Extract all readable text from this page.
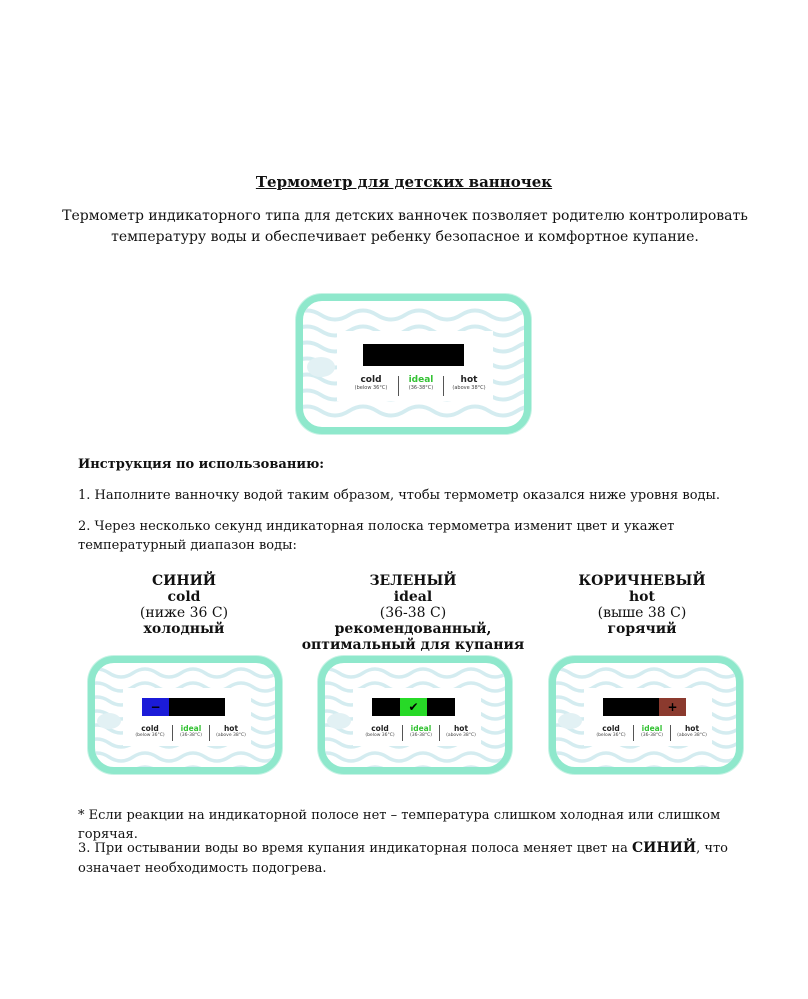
Термометр для детских ванночек
Термометр индикаторного типа для детских ванночек позволяет родителю контролировать температуру воды и обеспечивает ребенку безопасное и комфортное купание.
cold
(below 36°C)
ideal
(36-38°C)
hot
(above 38°C)
Инструкция по использованию:
1. Наполните ванночку водой таким образом, чтобы термометр оказался ниже уровня воды.
2. Через несколько секунд индикаторная полоска термометра изменит цвет и укажет температурный диапазон воды:
СИНИЙ
cold
(ниже 36 С)
холодный
ЗЕЛЕНЫЙ
ideal
(36-38 С)
рекомендованный,
оптимальный для купания
КОРИЧНЕВЫЙ
hot
(выше 38 С)
горячий
−
cold
(below 36°C)
ideal
(36-38°C)
hot
(above 38°C)
✔
cold
(below 36°C)
ideal
(36-38°C)
hot
(above 38°C)
+
cold
(below 36°C)
ideal
(36-38°C)
hot
(above 38°C)
* Если реакции на индикаторной полосе нет – температура слишком холодная или слишком горячая.
3. При остывании воды во время купания индикаторная полоса меняет цвет на СИНИЙ, что означает необходимость подогрева.
